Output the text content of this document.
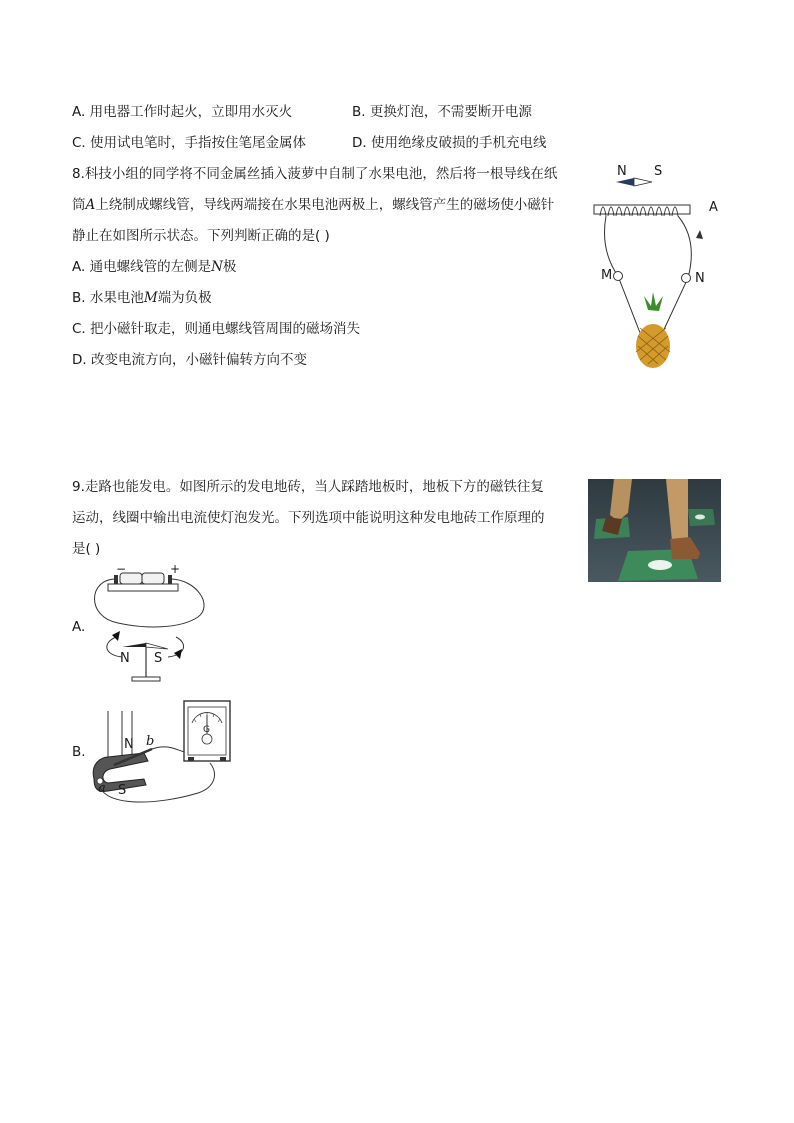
A. 用电器工作时起火，立即用水灭火	B. 更换灯泡，不需要断开电源
C. 使用试电笔时，手指按住笔尾金属体	D. 使用绝缘皮破损的手机充电线
8.科技小组的同学将不同金属丝插入菠萝中自制了水果电池，然后将一根导线在纸
筒A上绕制成螺线管，导线两端接在水果电池两极上，螺线管产生的磁场使小磁针
静止在如图所示状态。下列判断正确的是( )
A. 通电螺线管的左侧是N极
B. 水果电池M端为负极
C. 把小磁针取走，则通电螺线管周围的磁场消失
D. 改变电流方向，小磁针偏转方向不变
N S
A
M	N
9.走路也能发电。如图所示的发电地砖，当人踩踏地板时，地板下方的磁铁往复
运动，线圈中输出电流使灯泡发光。下列选项中能说明这种发电地砖工作原理的
是( )
A.
−	+
N S
B.	N
S
a
b
G
